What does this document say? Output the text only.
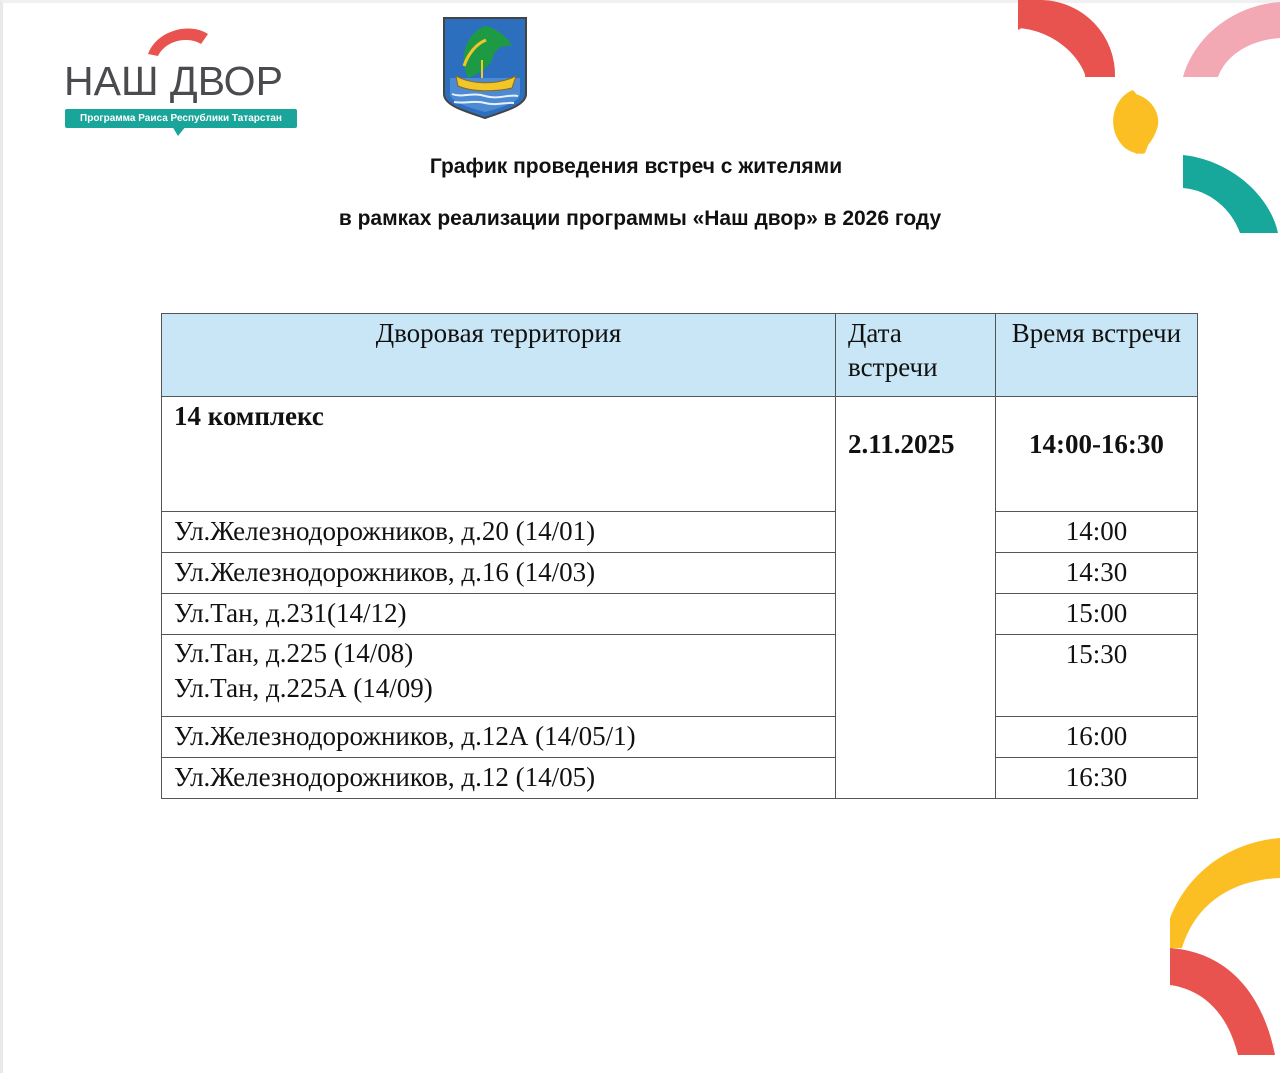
НАШ ДВОР
Программа Раиса Республики Татарстан
График проведения встреч с жителями
в рамках реализации программы «Наш двор» в 2026 году
Дворовая территория	Дата встречи	Время встречи
14 комплекс	2.11.2025	14:00-16:30
Ул.Железнодорожников, д.20 (14/01)		14:00
Ул.Железнодорожников, д.16 (14/03)		14:30
Ул.Тан, д.231(14/12)		15:00

Ул.Тан, д.225 (14/08)
Ул.Тан, д.225А (14/09)		15:30
Ул.Железнодорожников, д.12А (14/05/1)		16:00
Ул.Железнодорожников, д.12 (14/05)		16:30
